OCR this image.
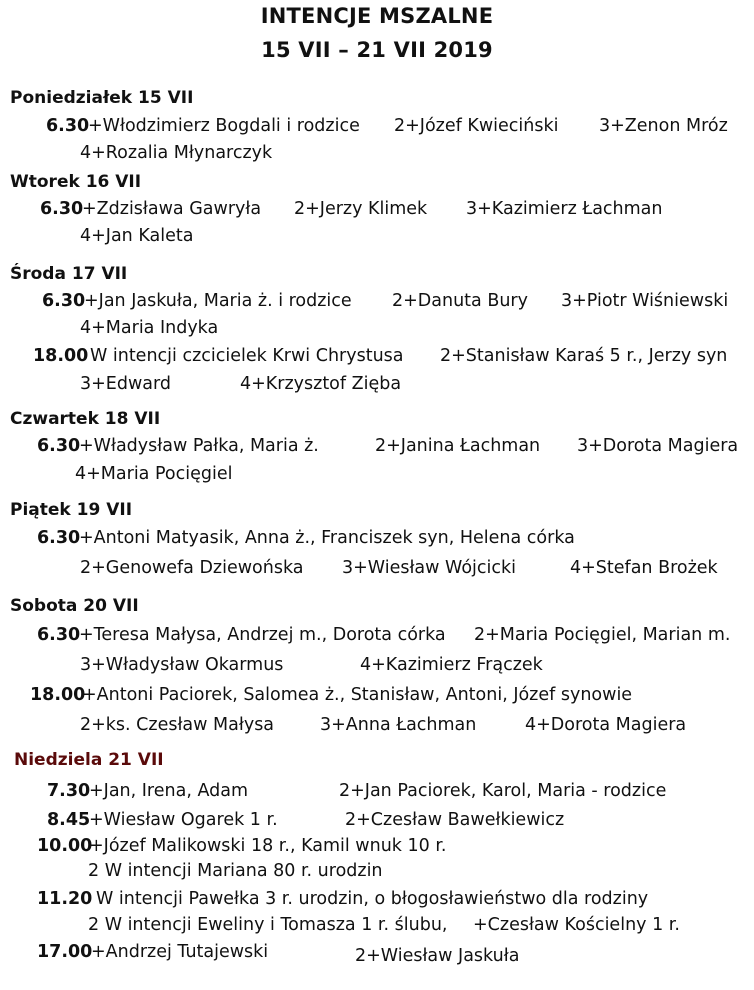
INTENCJE MSZALNE
15 VII – 21 VII 2019
Poniedziałek 15 VII
6.30
+Włodzimierz Bogdali i rodzice 2+Józef Kwieciński 3+Zenon Mróz
4+Rozalia Młynarczyk
Wtorek 16 VII
6.30
+Zdzisława Gawryła 2+Jerzy Klimek 3+Kazimierz Łachman
4+Jan Kaleta
Środa 17 VII
6.30
+Jan Jaskuła, Maria ż. i rodzice 2+Danuta Bury 3+Piotr Wiśniewski
4+Maria Indyka
18.00 W intencji czcicielek Krwi Chrystusa 2+Stanisław Karaś 5 r., Jerzy syn
3+Edward	4+Krzysztof Zięba
Czwartek 18 VII
6.30
+Władysław Pałka, Maria ż.	2+Janina Łachman 3+Dorota Magiera
4+Maria Pocięgiel
Piątek 19 VII
6.30
+Antoni Matyasik, Anna ż., Franciszek syn, Helena córka
2+Genowefa Dziewońska 3+Wiesław Wójcicki	4+Stefan Brożek
Sobota 20 VII
6.30
+Teresa Małysa, Andrzej m., Dorota córka 2+Maria Pocięgiel, Marian m.
3+Władysław Okarmus	4+Kazimierz Frączek
18.00
+Antoni Paciorek, Salomea ż., Stanisław, Antoni, Józef synowie
2+ks. Czesław Małysa	3+Anna Łachman	4+Dorota Magiera
Niedziela 21 VII
7.30
+Jan, Irena, Adam	2+Jan Paciorek, Karol, Maria - rodzice
8.45
+Wiesław Ogarek 1 r.	2+Czesław Bawełkiewicz
10.00
+Józef Malikowski 18 r., Kamil wnuk 10 r.
2 W intencji Mariana 80 r. urodzin
11.20 W intencji Pawełka 3 r. urodzin, o błogosławieństwo dla rodziny
2 W intencji Eweliny i Tomasza 1 r. ślubu, +Czesław Kościelny 1 r.
17.00
+Andrzej Tutajewski	2+Wiesław Jaskuła
